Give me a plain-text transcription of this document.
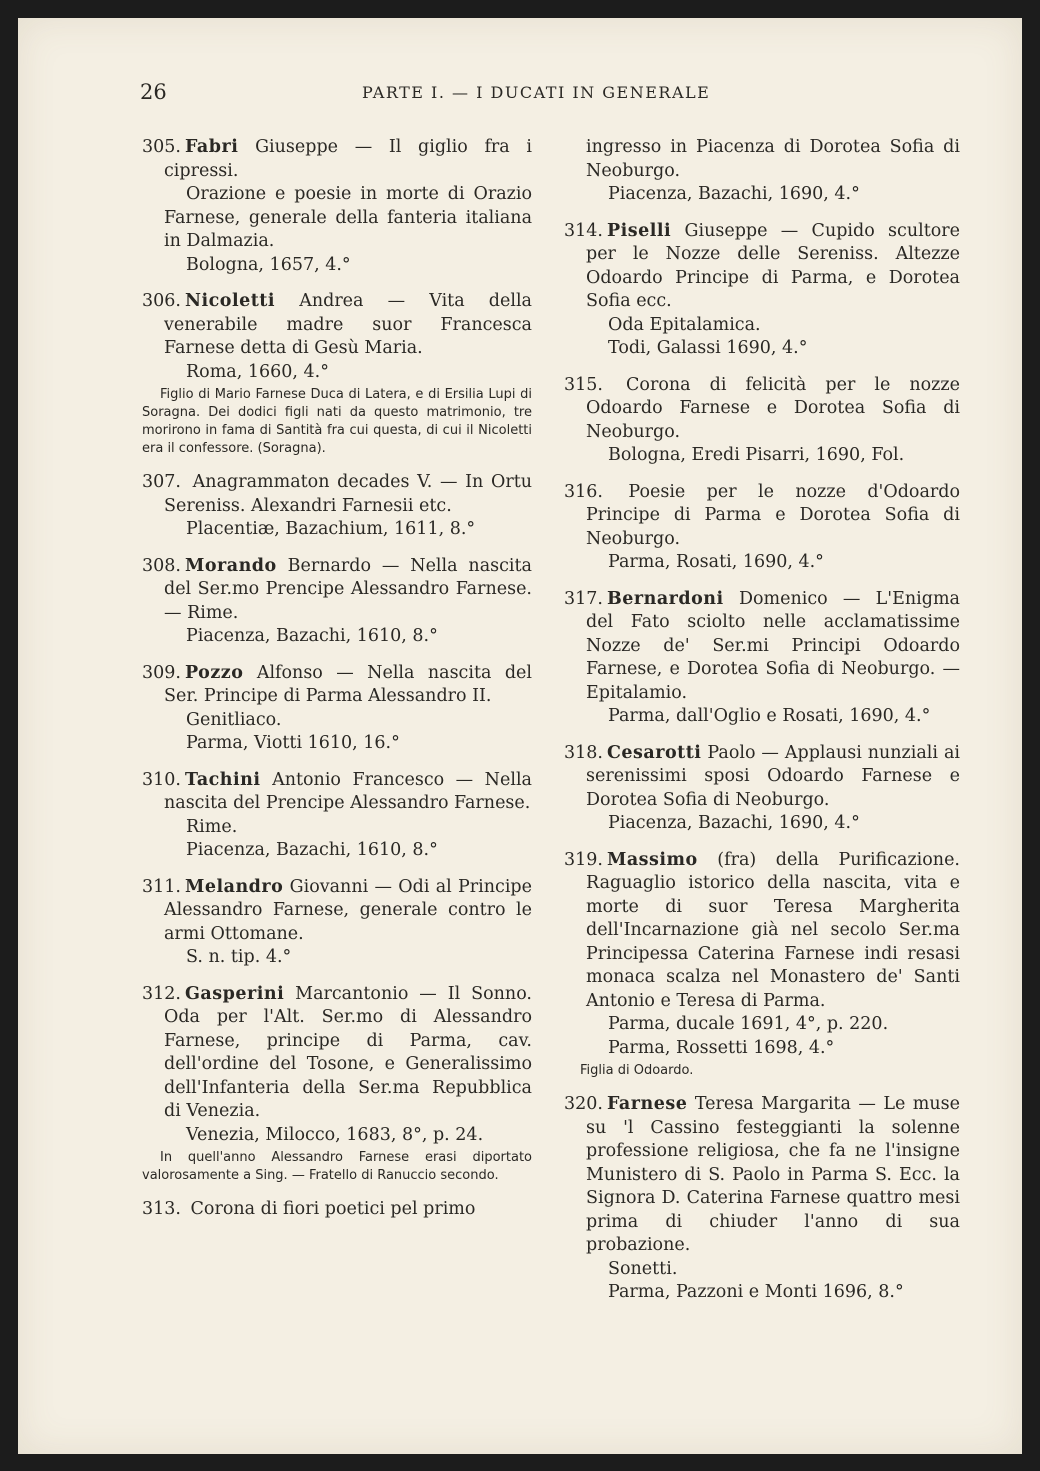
26	PARTE I. — I DUCATI IN GENERALE

305. Fabri Giuseppe — Il giglio fra i cipressi.

Orazione e poesie in morte di Orazio Farnese, generale della fanteria italiana in Dalmazia.

Bologna, 1657, 4.°

306. Nicoletti Andrea — Vita della venerabile madre suor Francesca Farnese detta di Gesù Maria.

Roma, 1660, 4.°

Figlio di Mario Farnese Duca di Latera, e di Ersilia Lupi di Soragna. Dei dodici figli nati da questo matrimonio, tre morirono in fama di Santità fra cui questa, di cui il Nicoletti era il confessore. (Soragna).

307. Anagrammaton decades V. — In Ortu Sereniss. Alexandri Farnesii etc.

Placentiæ, Bazachium, 1611, 8.°

308. Morando Bernardo — Nella nascita del Ser.mo Prencipe Alessandro Farnese. — Rime.

Piacenza, Bazachi, 1610, 8.°

309. Pozzo Alfonso — Nella nascita del Ser. Principe di Parma Alessandro II.

Genitliaco.

Parma, Viotti 1610, 16.°

310. Tachini Antonio Francesco — Nella nascita del Prencipe Alessandro Farnese.

Rime.

Piacenza, Bazachi, 1610, 8.°

311. Melandro Giovanni — Odi al Principe Alessandro Farnese, generale contro le armi Ottomane.

S. n. tip. 4.°

312. Gasperini Marcantonio — Il Sonno. Oda per l'Alt. Ser.mo di Alessandro Farnese, principe di Parma, cav. dell'ordine del Tosone, e Generalissimo dell'Infanteria della Ser.ma Repubblica di Venezia.

Venezia, Milocco, 1683, 8°, p. 24.

In quell'anno Alessandro Farnese erasi diportato valorosamente a Sing. — Fratello di Ranuccio secondo.

313. Corona di fiori poetici pel primo

ingresso in Piacenza di Dorotea Sofia di Neoburgo.

Piacenza, Bazachi, 1690, 4.°

314. Piselli Giuseppe — Cupido scultore per le Nozze delle Sereniss. Altezze Odoardo Principe di Parma, e Dorotea Sofia ecc.

Oda Epitalamica.

Todi, Galassi 1690, 4.°

315. Corona di felicità per le nozze Odoardo Farnese e Dorotea Sofia di Neoburgo.

Bologna, Eredi Pisarri, 1690, Fol.

316. Poesie per le nozze d'Odoardo Principe di Parma e Dorotea Sofia di Neoburgo.

Parma, Rosati, 1690, 4.°

317. Bernardoni Domenico — L'Enigma del Fato sciolto nelle acclamatissime Nozze de' Ser.mi Principi Odoardo Farnese, e Dorotea Sofia di Neoburgo. — Epitalamio.

Parma, dall'Oglio e Rosati, 1690, 4.°

318. Cesarotti Paolo — Applausi nunziali ai serenissimi sposi Odoardo Farnese e Dorotea Sofia di Neoburgo.

Piacenza, Bazachi, 1690, 4.°

319. Massimo (fra) della Purificazione. Raguaglio istorico della nascita, vita e morte di suor Teresa Margherita dell'Incarnazione già nel secolo Ser.ma Principessa Caterina Farnese indi resasi monaca scalza nel Monastero de' Santi Antonio e Teresa di Parma.

Parma, ducale 1691, 4°, p. 220.

Parma, Rossetti 1698, 4.°

Figlia di Odoardo.

320. Farnese Teresa Margarita — Le muse su 'l Cassino festeggianti la solenne professione religiosa, che fa ne l'insigne Munistero di S. Paolo in Parma S. Ecc. la Signora D. Caterina Farnese quattro mesi prima di chiuder l'anno di sua probazione.

Sonetti.

Parma, Pazzoni e Monti 1696, 8.°
